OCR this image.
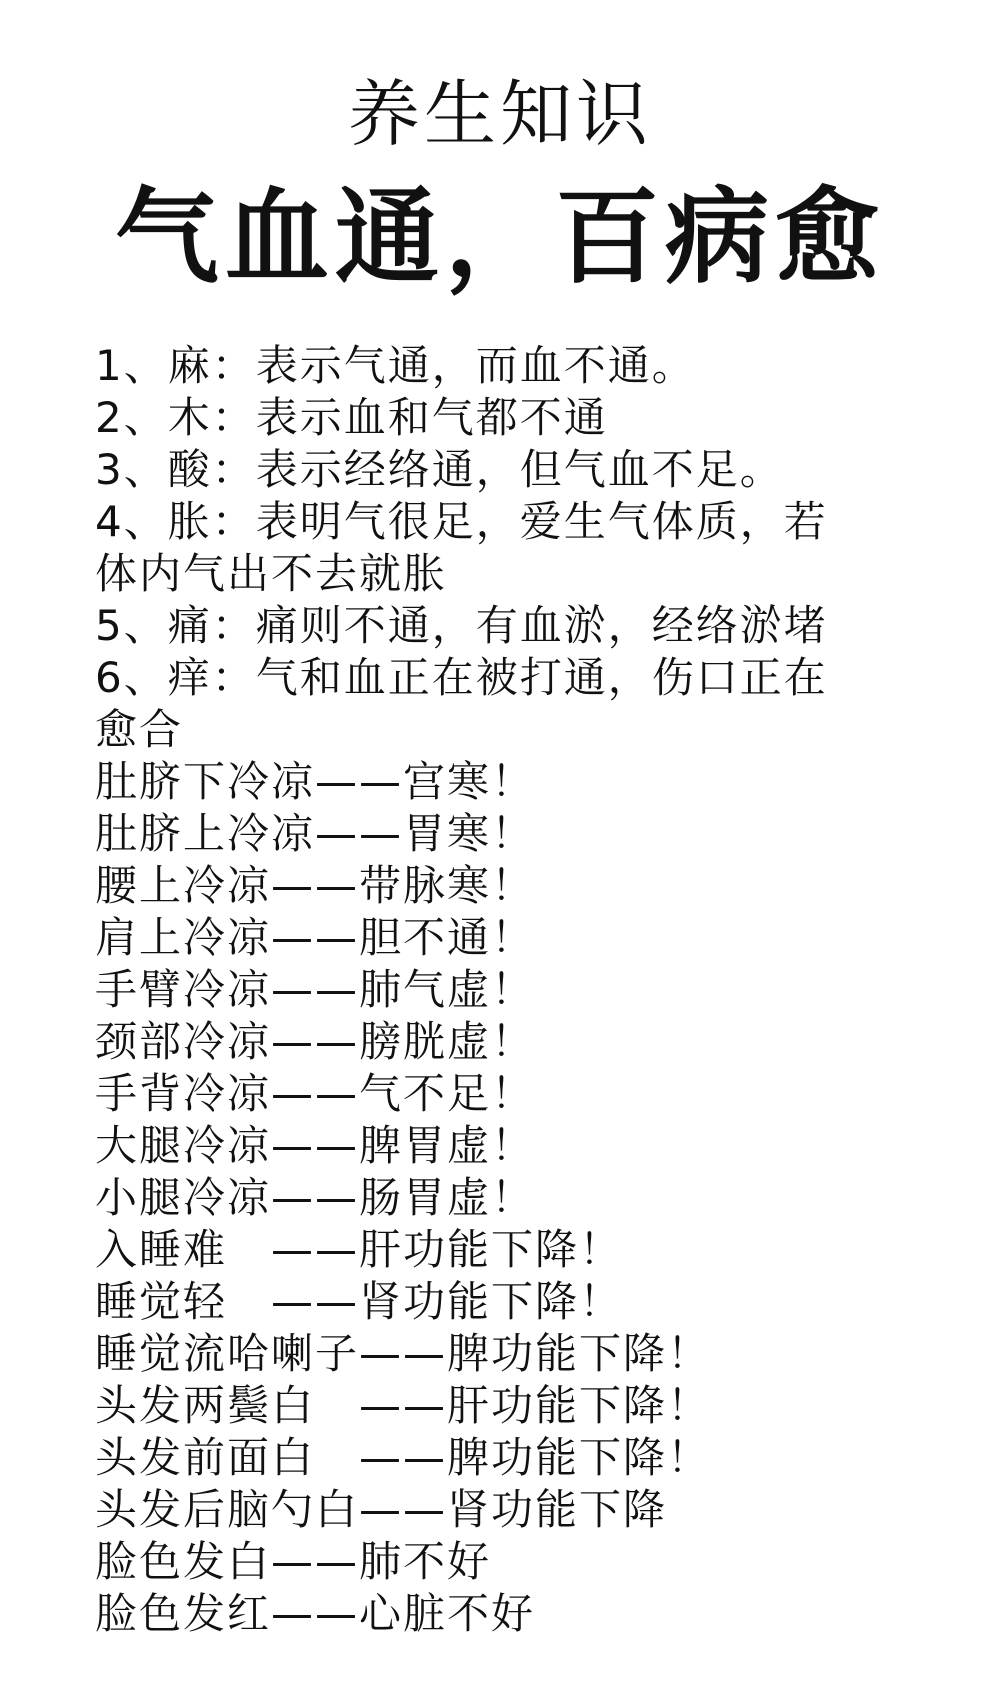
养生知识
气血通，百病愈
1、麻：表示气通，而血不通。
2、木：表示血和气都不通
3、酸：表示经络通，但气血不足。
4、胀：表明气很足，爱生气体质，若
体内气出不去就胀
5、痛：痛则不通，有血淤，经络淤堵
6、痒：气和血正在被打通，伤口正在
愈合
肚脐下冷凉——宫寒！
肚脐上冷凉——胃寒！
腰上冷凉——带脉寒！
肩上冷凉——胆不通！
手臂冷凉——肺气虚！
颈部冷凉——膀胱虚！
手背冷凉——气不足！
大腿冷凉——脾胃虚！
小腿冷凉——肠胃虚！
入睡难　——肝功能下降！
睡觉轻　——肾功能下降！
睡觉流哈喇子——脾功能下降！
头发两鬓白　——肝功能下降！
头发前面白　——脾功能下降！
头发后脑勺白——肾功能下降
脸色发白——肺不好
脸色发红——心脏不好
